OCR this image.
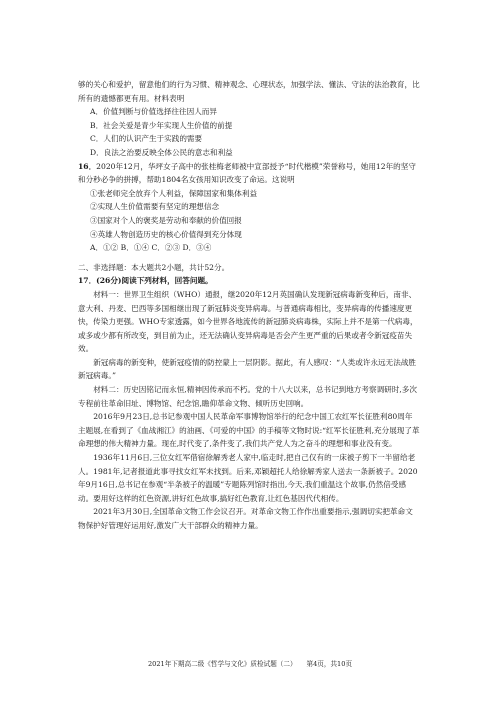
够的关心和爱护，留意他们的行为习惯、精神观念、心理状态，加强学法、懂法、守法的法治教育，比所有的遗憾都更有用。材料表明

A．价值判断与价值选择往往因人而异

B．社会关爱是青少年实现人生价值的前提

C．人们的认识产生于实践的需要

D．良法之治要反映全体公民的意志和利益

16．2020年12月，华坪女子高中的张桂梅老师被中宣部授予“时代楷模”荣誉称号，她用12年的坚守和分秒必争的拼搏，帮助1804名女孩用知识改变了命运。这说明

①张老师完全放弃个人利益，保障国家和集体利益

②实现人生价值需要有坚定的理想信念

③国家对个人的褒奖是劳动和奉献的价值回报

④英雄人物创造历史的核心价值得到充分体现

A．①② B．①④ C．②③ D．③④

二、非选择题：本大题共2小题，共计52分。

17．(26分)阅读下列材料，回答问题。

材料一：世界卫生组织（WHO）通报，继2020年12月英国确认发现新冠病毒新变种后，南非、意大利、丹麦、巴西等多国相继出现了新冠肺炎变异病毒。与普通病毒相比，变异病毒的传播速度更快，传染力更强。WHO专家透露，如今世界各地流传的新冠肺炎病毒株，实际上并不是第一代病毒，或多或少都有所改变，到目前为止，还无法确认变异病毒是否会产生更严重的后果或者令新冠疫苗失效。

新冠病毒的新变种，使新冠疫情的防控蒙上一层阴影。据此，有人感叹：“人类或许永远无法战胜新冠病毒。”

材料二：历史因铭记而永恒,精神因传承而不朽。党的十八大以来，总书记到地方考察调研时,多次专程前往革命旧址、博物馆、纪念馆,瞻仰革命文物、倾听历史回响。

2016年9月23日,总书记参观中国人民革命军事博物馆举行的纪念中国工农红军长征胜利80周年主题展,在看到了《血战湘江》的油画、《可爱的中国》的手稿等文物时说:“红军长征胜利,充分展现了革命理想的伟大精神力量。现在,时代变了,条件变了,我们共产党人为之奋斗的理想和事业没有变。

1936年11月6日,三位女红军借宿徐解秀老人家中,临走时,把自己仅有的一床被子剪下一半留给老人。1981年,记者报道此事寻找女红军未找到。后来,邓颖超托人给徐解秀家人送去一条新被子。2020年9月16日,总书记在参观“半条被子的温暖”专题陈列馆时指出,今天,我们重温这个故事,仍然倍受感动。要用好这样的红色资源,讲好红色故事,搞好红色教育,让红色基因代代相传。

2021年3月30日,全国革命文物工作会议召开。对革命文物工作作出重要指示,强调切实把革命文物保护好管理好运用好,激发广大干部群众的精神力量。

2021年下期高二级《哲学与文化》质检试题（二）　　第4页，共10页
